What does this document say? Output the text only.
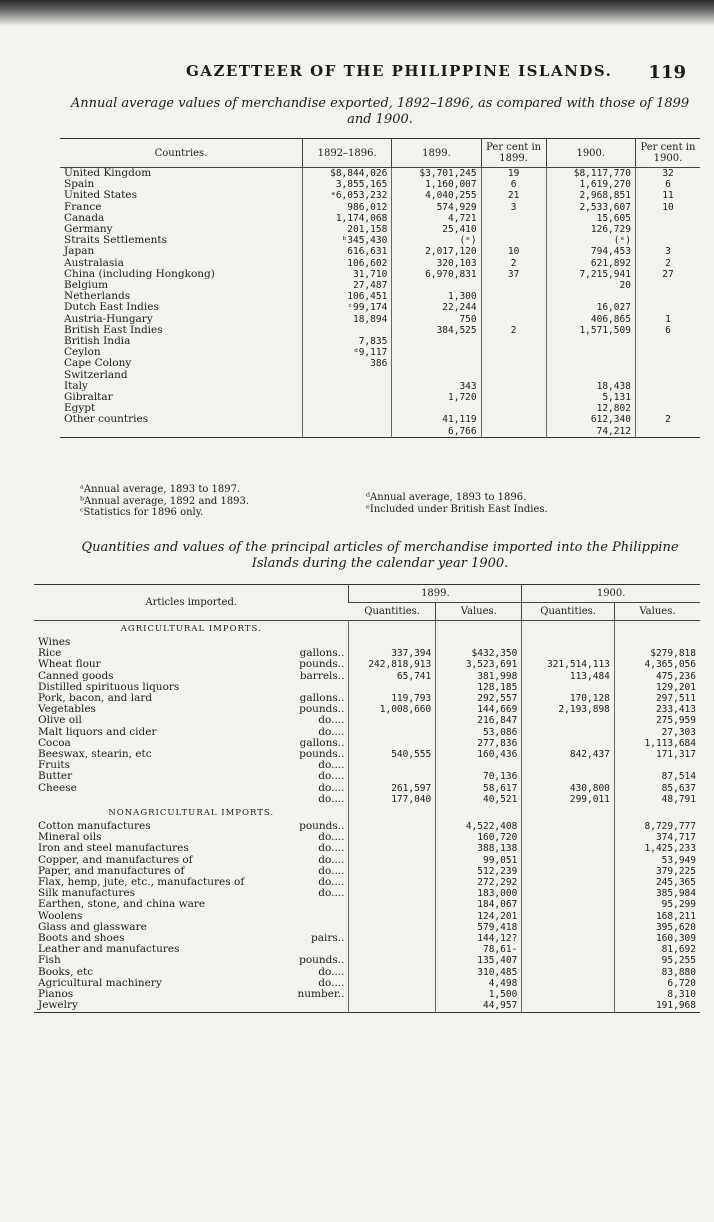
GAZETTEER OF THE PHILIPPINE ISLANDS. 119
Annual average values of merchandise exported, 1892–1896, as compared with those of 1899 and 1900.
Countries.	1892–1896.	1899.	Per cent in 1899.	1900.	Per cent in 1900.
United Kingdom	$8,844,026	$3,701,245	19	$8,117,770	32
Spain	3,855,165	1,160,007	6	1,619,270	6
United States	ᵃ6,053,232	4,040,255	21	2,968,851	11
France	986,012	574,929	3	2,533,607	10
Canada	1,174,068	4,721		15,605	
Germany	201,158	25,410		126,729	
Straits Settlements	ᵇ345,430	(ᵉ)		(ᵉ)	
Japan	616,631	2,017,120	10	794,453	3
Australasia	106,602	320,103	2	621,892	2
China (including Hongkong)	31,710	6,970,831	37	7,215,941	27
Belgium	27,487			20	
Netherlands	106,451	1,300			
Dutch East Indies	ᶜ99,174	22,244		16,027	
Austria-Hungary	18,894	750		406,865	1
British East Indies		384,525	2	1,571,509	6
British India	7,835				
Ceylon	ᵈ9,117				
Cape Colony	386				
Switzerland					
Italy		343		18,438	
Gibraltar		1,720		5,131	
Egypt				12,802	
Other countries		41,119		612,340	2
		6,766		74,212	
ᵃAnnual average, 1893 to 1897.
ᵇAnnual average, 1892 and 1893.
ᶜStatistics for 1896 only.
ᵈAnnual average, 1893 to 1896.
ᵉIncluded under British East Indies.
Quantities and values of the principal articles of merchandise imported into the Philippine Islands during the calendar year 1900.
Articles imported.	1899.		1900.	
	Quantities.	Values.	Quantities.	Values.
AGRICULTURAL IMPORTS.				
Wines

Rice gallons..	337,394	$432,350		$279,818
Wheat flour pounds..	242,818,913	3,523,691	321,514,113	4,365,056
Canned goods barrels..	65,741	381,998	113,484	475,236
Distilled spirituous liquors		128,185		129,201
Pork, bacon, and lard gallons..	119,793	292,557	170,128	297,511
Vegetables pounds..	1,008,660	144,669	2,193,898	233,413
Olive oil do....		216,847		275,959
Malt liquors and cider do....		53,086		27,303
Cocoa gallons..		277,836		1,113,684
Beeswax, stearin, etc pounds..	540,555	160,436	842,437	171,317
Fruits do....				

Butter do....		70,136		87,514
Cheese do....	261,597	58,617	430,800	85,637

do....	177,040	40,521	299,011	48,791
NONAGRICULTURAL IMPORTS.				
Cotton manufactures pounds..		4,522,408		8,729,777
Mineral oils do....		160,720		374,717
Iron and steel manufactures do....		388,138		1,425,233
Copper, and manufactures of do....		99,051		53,949
Paper, and manufactures of do....		512,239		379,225
Flax, hemp, jute, etc., manufactures of do....		272,292		245,365
Silk manufactures do....		183,000		385,984
Earthen, stone, and china ware		184,067		95,299
Woolens		124,201		168,211
Glass and glassware		579,418		395,620
Boots and shoes pairs..		144,12?		160,309
Leather and manufactures		78,61-		81,692
Fish pounds..		135,407		95,255
Books, etc do....		310,485		83,880
Agricultural machinery do....		4,498		6,720
Pianos number..		1,500		8,310
Jewelry		44,957		191,968
